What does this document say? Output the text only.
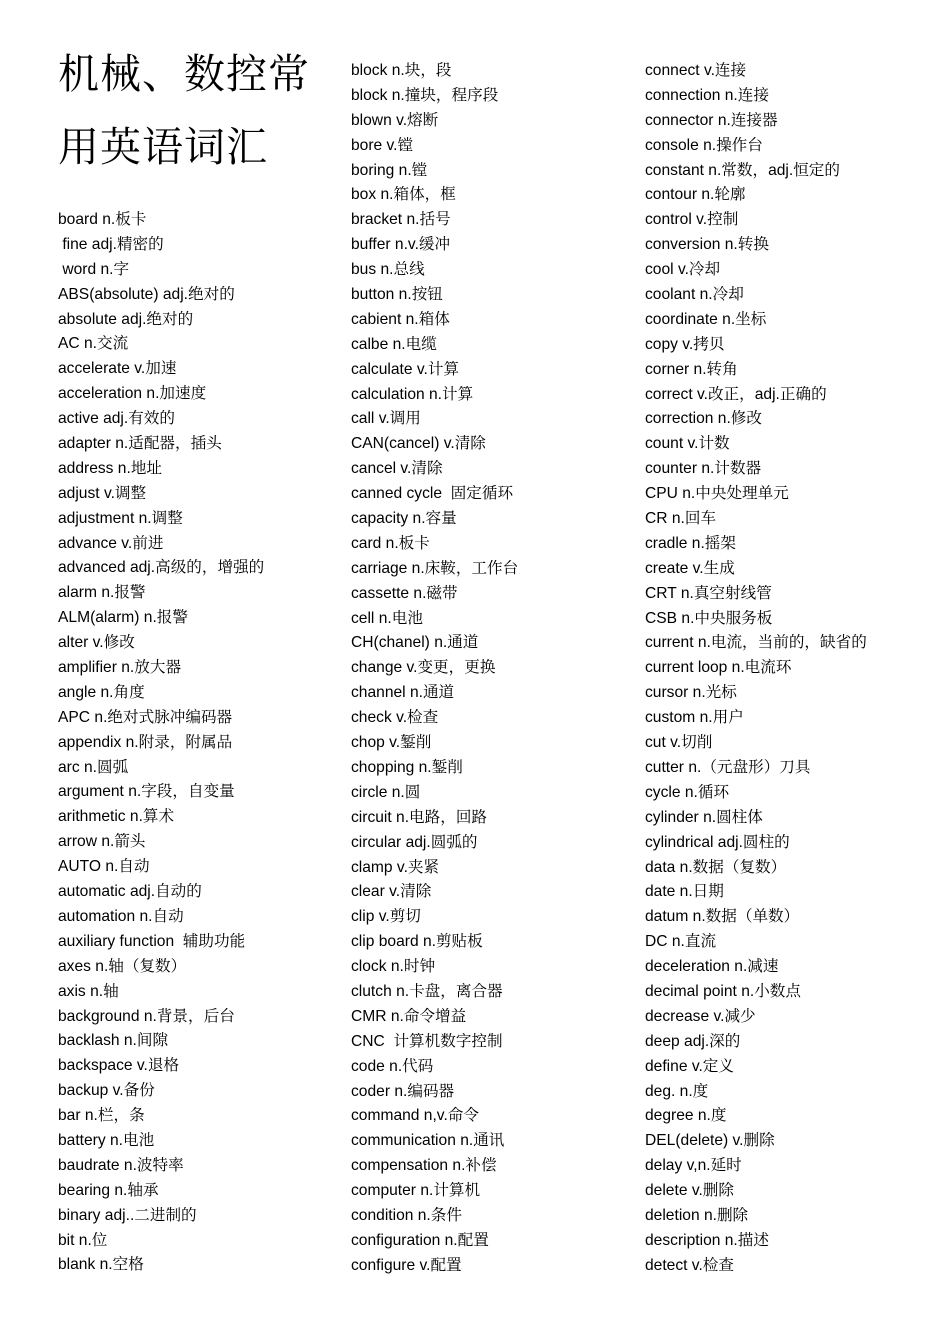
机械、数控常
用英语词汇
board n.板卡
fine adj.精密的
word n.字
ABS(absolute) adj.绝对的
absolute adj.绝对的
AC n.交流
accelerate v.加速
acceleration n.加速度
active adj.有效的
adapter n.适配器，插头
address n.地址
adjust v.调整
adjustment n.调整
advance v.前进
advanced adj.高级的，增强的
alarm n.报警
ALM(alarm) n.报警
alter v.修改
amplifier n.放大器
angle n.角度
APC n.绝对式脉冲编码器
appendix n.附录，附属品
arc n.圆弧
argument n.字段，自变量
arithmetic n.算术
arrow n.箭头
AUTO n.自动
automatic adj.自动的
automation n.自动
auxiliary function  辅助功能
axes n.轴（复数）
axis n.轴
background n.背景，后台
backlash n.间隙
backspace v.退格
backup v.备份
bar n.栏，条
battery n.电池
baudrate n.波特率
bearing n.轴承
binary adj..二进制的
bit n.位
blank n.空格
block n.块，段
block n.撞块，程序段
blown v.熔断
bore v.镗
boring n.镗
box n.箱体，框
bracket n.括号
buffer n.v.缓冲
bus n.总线
button n.按钮
cabient n.箱体
calbe n.电缆
calculate v.计算
calculation n.计算
call v.调用
CAN(cancel) v.清除
cancel v.清除
canned cycle  固定循环
capacity n.容量
card n.板卡
carriage n.床鞍，工作台
cassette n.磁带
cell n.电池
CH(chanel) n.通道
change v.变更，更换
channel n.通道
check v.检查
chop v.錾削
chopping n.錾削
circle n.圆
circuit n.电路，回路
circular adj.圆弧的
clamp v.夹紧
clear v.清除
clip v.剪切
clip board n.剪贴板
clock n.时钟
clutch n.卡盘，离合器
CMR n.命令增益
CNC  计算机数字控制
code n.代码
coder n.编码器
command n,v.命令
communication n.通讯
compensation n.补偿
computer n.计算机
condition n.条件
configuration n.配置
configure v.配置
connect v.连接
connection n.连接
connector n.连接器
console n.操作台
constant n.常数，adj.恒定的
contour n.轮廓
control v.控制
conversion n.转换
cool v.冷却
coolant n.冷却
coordinate n.坐标
copy v.拷贝
corner n.转角
correct v.改正，adj.正确的
correction n.修改
count v.计数
counter n.计数器
CPU n.中央处理单元
CR n.回车
cradle n.摇架
create v.生成
CRT n.真空射线管
CSB n.中央服务板
current n.电流，当前的，缺省的
current loop n.电流环
cursor n.光标
custom n.用户
cut v.切削
cutter n.（元盘形）刀具
cycle n.循环
cylinder n.圆柱体
cylindrical adj.圆柱的
data n.数据（复数）
date n.日期
datum n.数据（单数）
DC n.直流
deceleration n.减速
decimal point n.小数点
decrease v.减少
deep adj.深的
define v.定义
deg. n.度
degree n.度
DEL(delete) v.删除
delay v,n.延时
delete v.删除
deletion n.删除
description n.描述
detect v.检查
